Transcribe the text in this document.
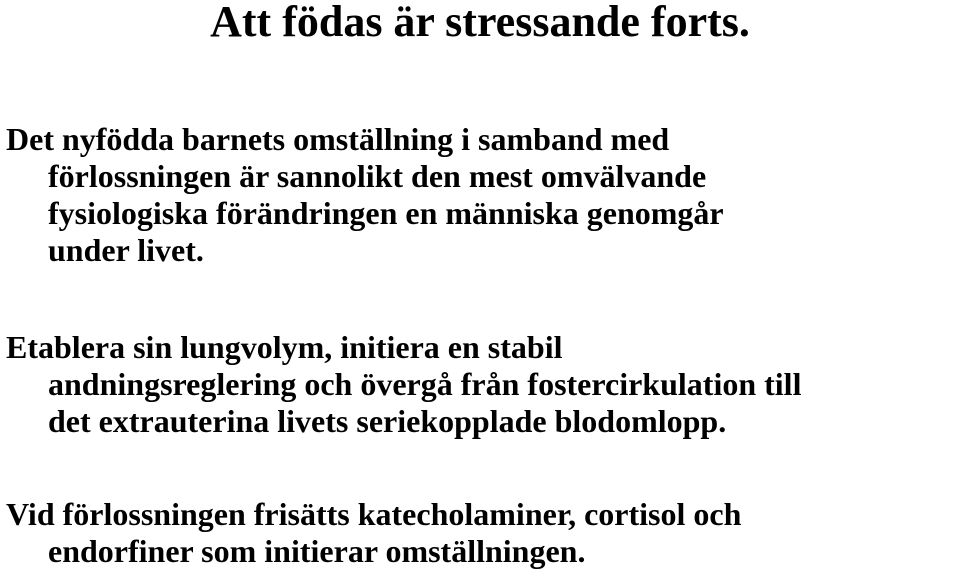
Att födas är stressande forts.

Det nyfödda barnets omställning i samband med
förlossningen är sannolikt den mest omvälvande
fysiologiska förändringen en människa genomgår
under livet.

Etablera sin lungvolym, initiera en stabil
andningsreglering och övergå från fostercirkulation till
det extrauterina livets seriekopplade blodomlopp.

Vid förlossningen frisätts katecholaminer, cortisol och
endorfiner som initierar omställningen.
